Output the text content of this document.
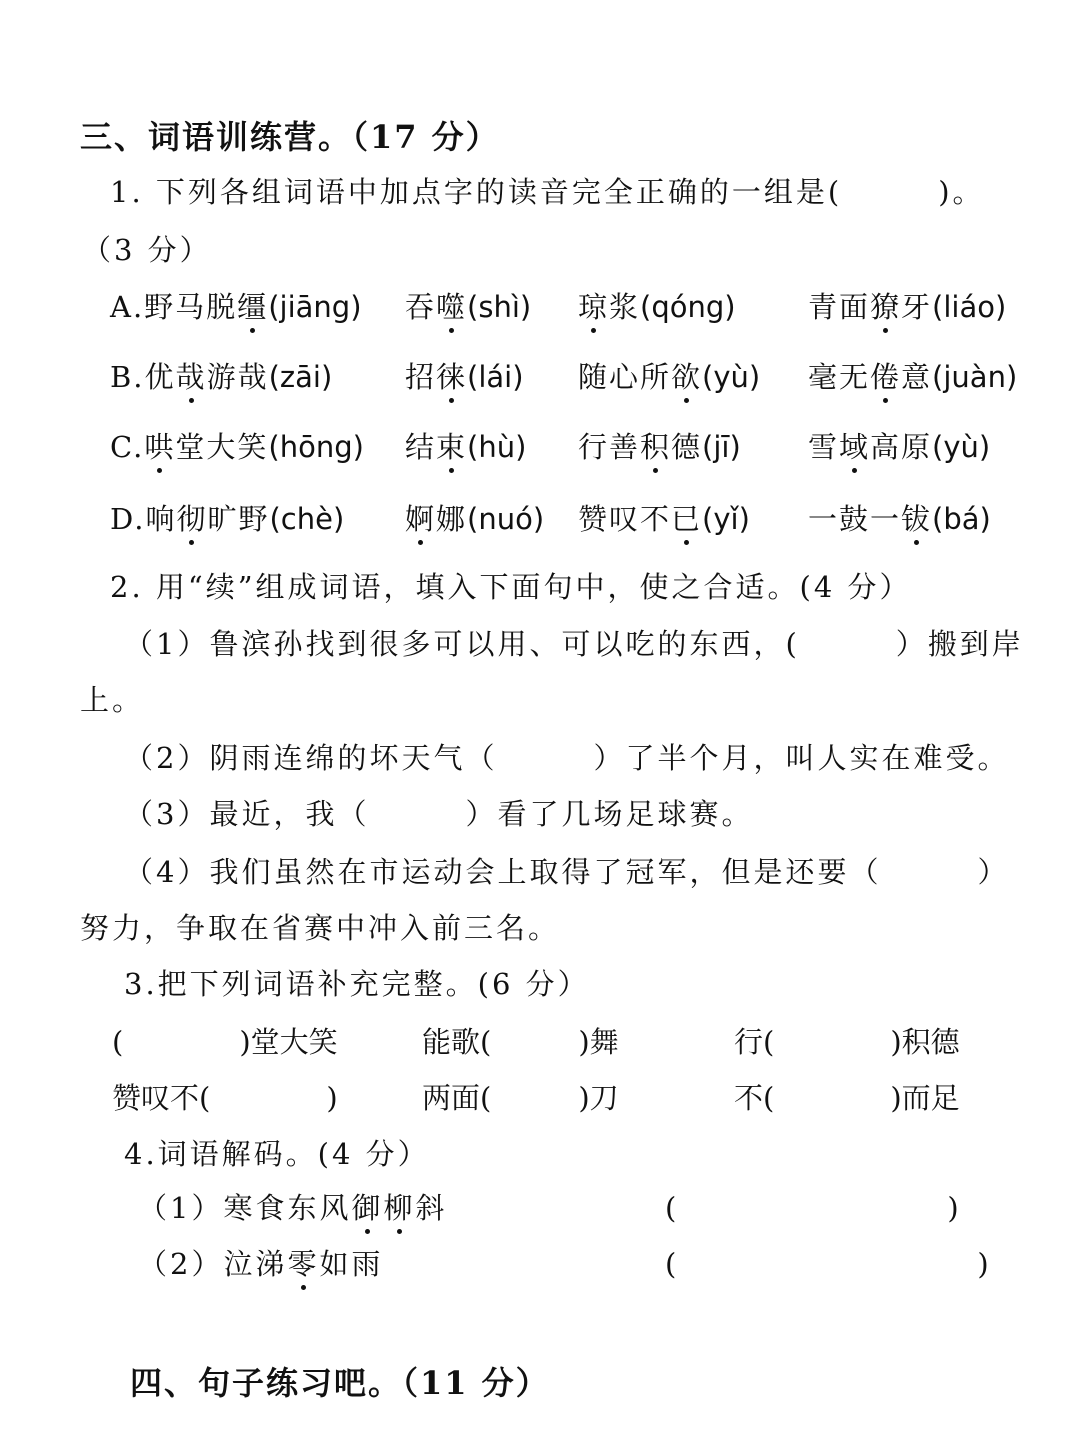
三、词语训练营。（17 分）
1. 下列各组词语中加点字的读音完全正确的一组是(　　　)。
（3 分）
A.野马脱缰(jiāng) 吞噬(shì) 琼浆(qóng) 青面獠牙(liáo)
B.优哉游哉(zāi)	招徕(lái) 随心所欲(yù) 毫无倦意(juàn)
C.哄堂大笑(hōng) 结束(hù) 行善积德(jī) 雪域高原(yù)
D.响彻旷野(chè) 婀娜(nuó) 赞叹不已(yǐ) 一鼓一钹(bá)
2. 用“续”组成词语，填入下面句中，使之合适。(4 分）
（1）鲁滨孙找到很多可以用、可以吃的东西，(　　　）搬到岸
上。
（2）阴雨连绵的坏天气（　　　）了半个月，叫人实在难受。
（3）最近，我（　　　）看了几场足球赛。
（4）我们虽然在市运动会上取得了冠军，但是还要（　　　）
努力，争取在省赛中冲入前三名。
3.把下列词语补充完整。(6 分）
(　　　　)堂大笑	能歌(　　　)舞	行(　　　　)积德
赞叹不(　　　　)	两面(　　　)刀	不(　　　　)而足
4.词语解码。(4 分）
（1）寒食东风御柳斜	(　　　　　　　　　)
（2）泣涕零如雨	(　　　　　　　　　　)
四、句子练习吧。（11 分）
